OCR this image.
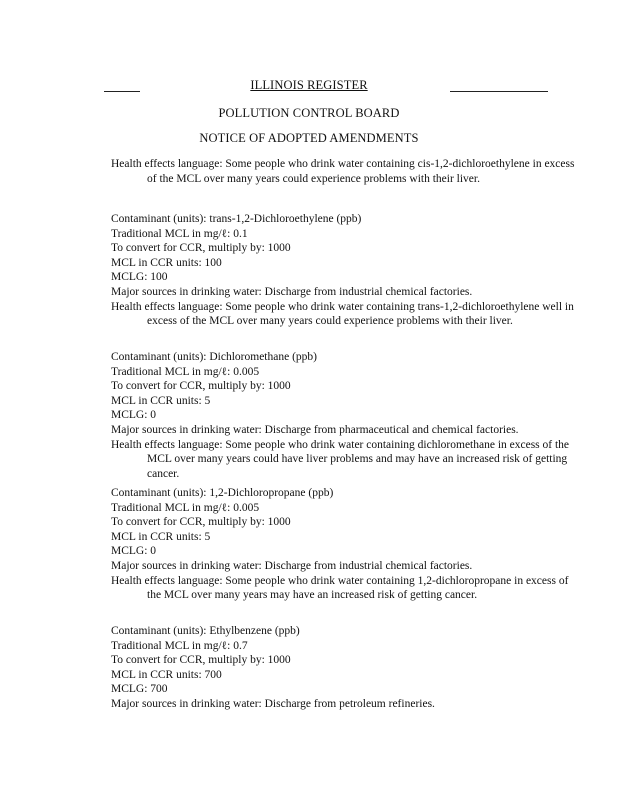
ILLINOIS REGISTER
POLLUTION CONTROL BOARD
NOTICE OF ADOPTED AMENDMENTS

Health effects language: Some people who drink water containing cis-1,2-dichloroethylene in excess of the MCL over many years could experience problems with their liver.

Contaminant (units): trans-1,2-Dichloroethylene (ppb)

Traditional MCL in mg/ℓ: 0.1

To convert for CCR, multiply by: 1000

MCL in CCR units: 100

MCLG: 100

Major sources in drinking water: Discharge from industrial chemical factories.

Health effects language: Some people who drink water containing trans-1,2-dichloroethylene well in excess of the MCL over many years could experience problems with their liver.

Contaminant (units): Dichloromethane (ppb)

Traditional MCL in mg/ℓ: 0.005

To convert for CCR, multiply by: 1000

MCL in CCR units: 5

MCLG: 0

Major sources in drinking water: Discharge from pharmaceutical and chemical factories.

Health effects language: Some people who drink water containing dichloromethane in excess of the MCL over many years could have liver problems and may have an increased risk of getting cancer.

Contaminant (units): 1,2-Dichloropropane (ppb)

Traditional MCL in mg/ℓ: 0.005

To convert for CCR, multiply by: 1000

MCL in CCR units: 5

MCLG: 0

Major sources in drinking water: Discharge from industrial chemical factories.

Health effects language: Some people who drink water containing 1,2-dichloropropane in excess of the MCL over many years may have an increased risk of getting cancer.

Contaminant (units): Ethylbenzene (ppb)

Traditional MCL in mg/ℓ: 0.7

To convert for CCR, multiply by: 1000

MCL in CCR units: 700

MCLG: 700

Major sources in drinking water: Discharge from petroleum refineries.
